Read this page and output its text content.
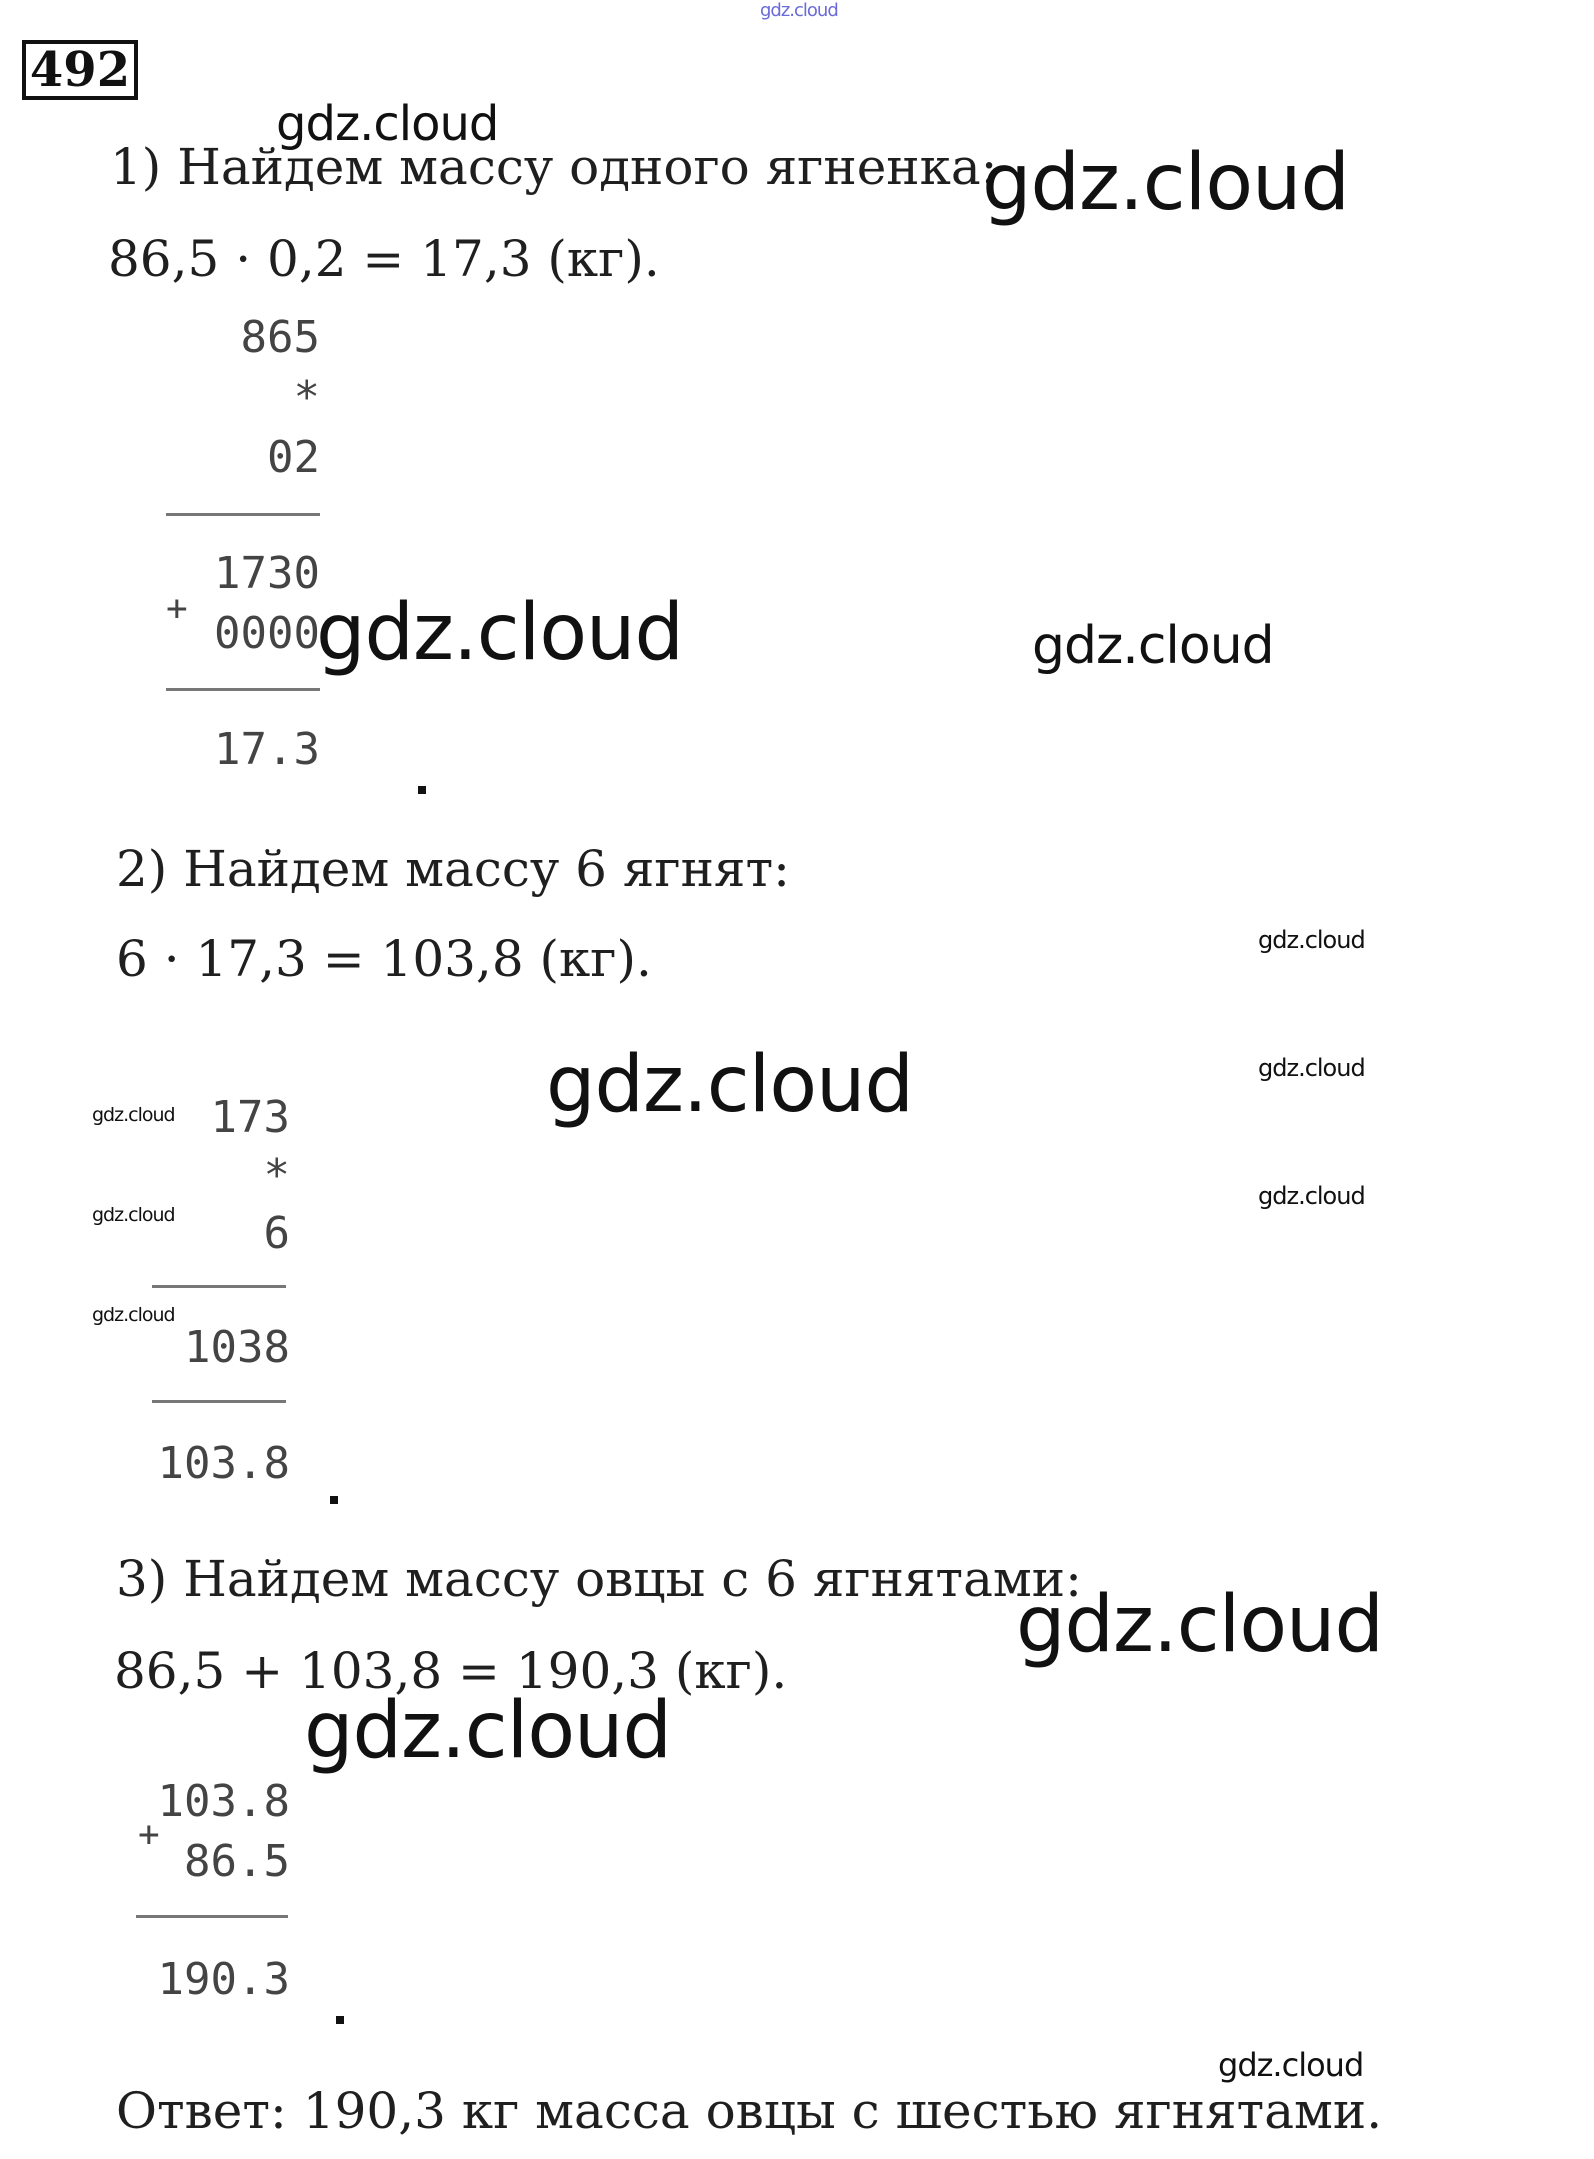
gdz.cloud
492
gdz.cloud
1) Найдем массу одного ягненка:
gdz.cloud
86,5 · 0,2 = 17,3 (кг).
865
*
02
1730
+ 0000
gdz.cloud	gdz.cloud
17.3
2) Найдем массу 6 ягнят:
gdz.cloud
6 · 17,3 = 103,8 (кг).
gdz.cloud
gdz.cloud
gdz.cloud 173
*	gdz.cloud
gdz.cloud	6
gdz.cloud
1038
103.8
3) Найдем массу овцы с 6 ягнятами:
gdz.cloud
86,5 + 103,8 = 190,3 (кг).
gdz.cloud
103.8
+
86.5
190.3
gdz.cloud
Ответ: 190,3 кг масса овцы с шестью ягнятами.
